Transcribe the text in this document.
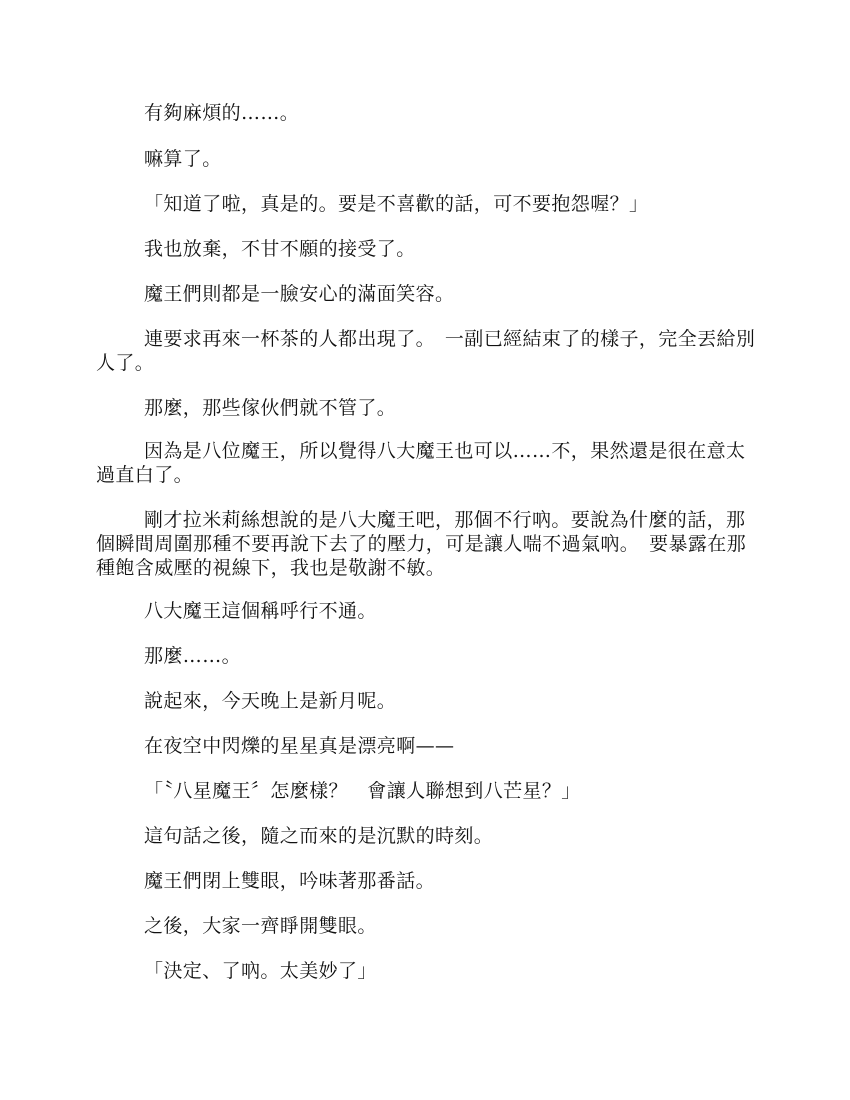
有夠麻煩的……。

嘛算了。

「知道了啦，真是的。要是不喜歡的話，可不要抱怨喔？」

我也放棄，不甘不願的接受了。

魔王們則都是一臉安心的滿面笑容。

連要求再來一杯茶的人都出現了。　一副已經結束了的樣子，完全丟給別人了。

那麼，那些傢伙們就不管了。

因為是八位魔王，所以覺得八大魔王也可以……不，果然還是很在意太過直白了。

剛才拉米莉絲想說的是八大魔王吧，那個不行吶。要說為什麼的話，那個瞬間周圍那種不要再說下去了的壓力，可是讓人喘不過氣吶。　要暴露在那種飽含威壓的視線下，我也是敬謝不敏。

八大魔王這個稱呼行不通。

那麼……。

說起來，今天晚上是新月呢。

在夜空中閃爍的星星真是漂亮啊——

「〝八星魔王〞怎麼樣？　會讓人聯想到八芒星？」

這句話之後，隨之而來的是沉默的時刻。

魔王們閉上雙眼，吟味著那番話。

之後，大家一齊睜開雙眼。

「決定、了吶。太美妙了」
